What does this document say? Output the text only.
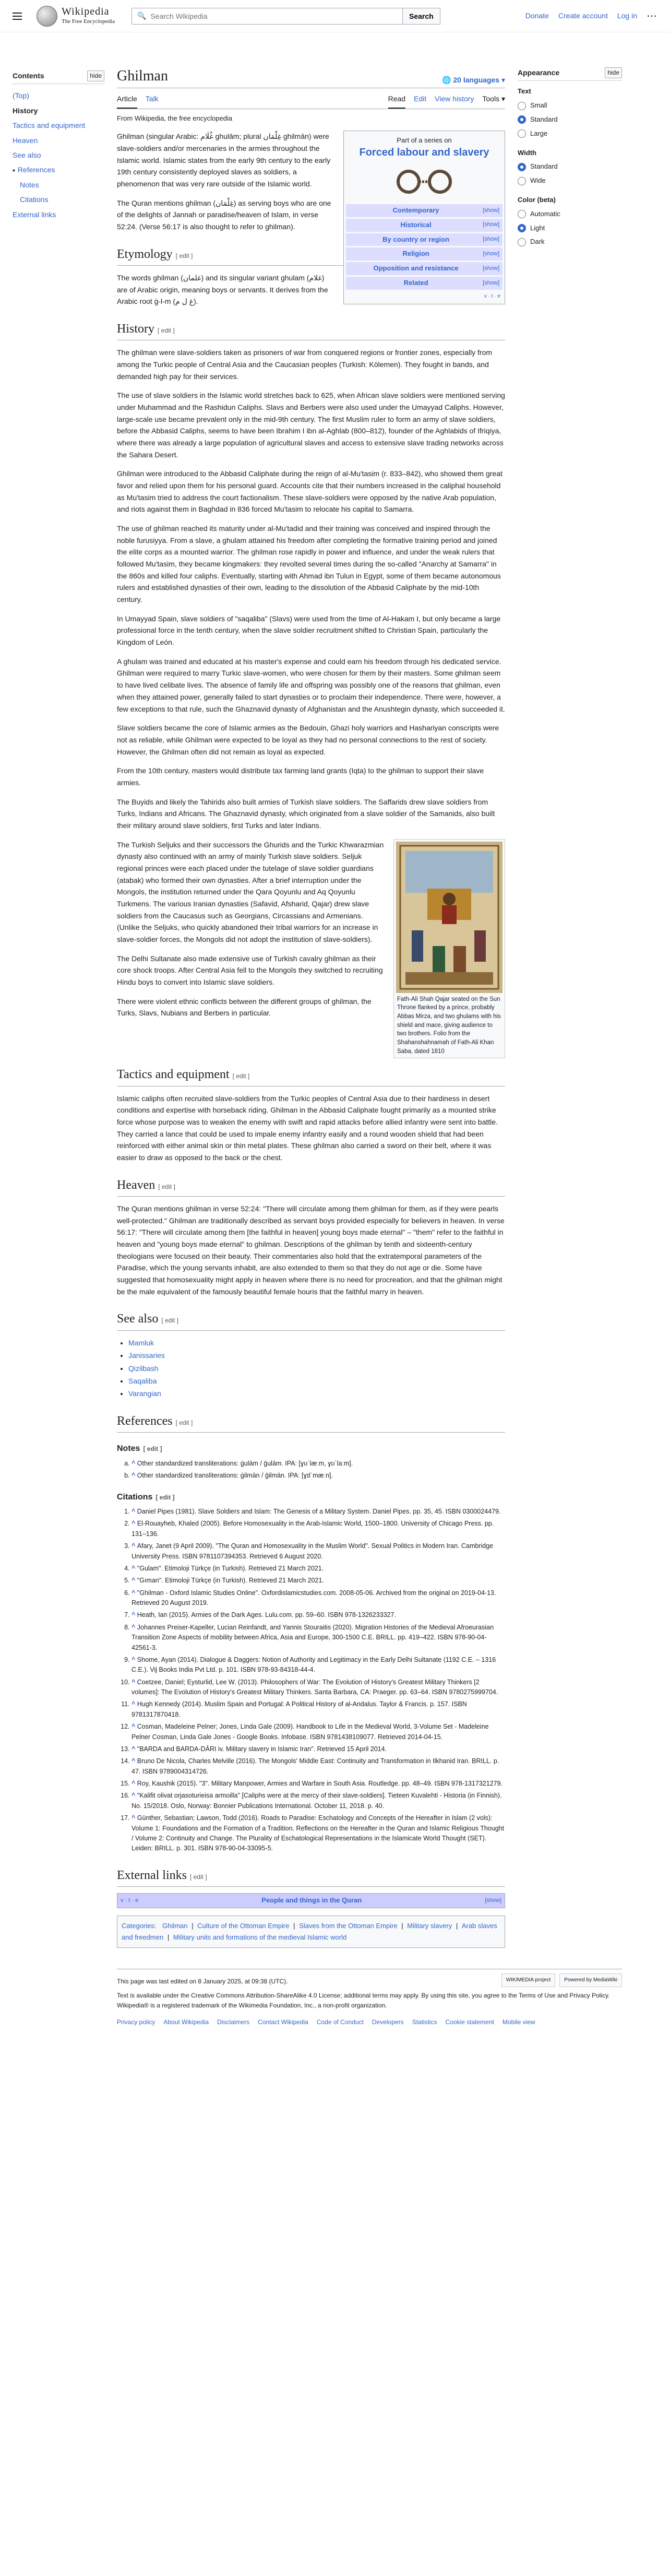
Wikipedia
The Free Encyclopedia
🔍
Search Wikipedia	Search	Donate Create account Log in ⋯
Contents	hide
(Top)
History
Tactics and equipment
Heaven
See also
▾ References
Notes
Citations
External links
Ghilman	🌐 20 languages ▾
Article Talk	Read Edit View history Tools ▾
From Wikipedia, the free encyclopedia
Part of a series on
Forced labour and slavery
Contemporary	[show]
Historical	[show]
By country or region	[show]
Religion	[show]
Opposition and resistance	[show]
Related	[show]
v · t · e

Ghilman (singular Arabic: غُلَام ghulām; plural غِلْمَان ghilmān) were slave-soldiers and/or mercenaries in the armies throughout the Islamic world. Islamic states from the early 9th century to the early 19th century consistently deployed slaves as soldiers, a phenomenon that was very rare outside of the Islamic world.

The Quran mentions ghilman (غِلْمَان) as serving boys who are one of the delights of Jannah or paradise/heaven of Islam, in verse 52:24. (Verse 56:17 is also thought to refer to ghilman).

Etymology [ edit ]

The words ghilman (غلمان) and its singular variant ghulam (غلام) are of Arabic origin, meaning boys or servants. It derives from the Arabic root ġ-l-m (غ ل م).

History [ edit ]

The ghilman were slave-soldiers taken as prisoners of war from conquered regions or frontier zones, especially from among the Turkic people of Central Asia and the Caucasian peoples (Turkish: Kölemen). They fought in bands, and demanded high pay for their services.

The use of slave soldiers in the Islamic world stretches back to 625, when African slave soldiers were mentioned serving under Muhammad and the Rashidun Caliphs. Slavs and Berbers were also used under the Umayyad Caliphs. However, large-scale use became prevalent only in the mid-9th century. The first Muslim ruler to form an army of slave soldiers, before the Abbasid Caliphs, seems to have been Ibrahim I ibn al-Aghlab (800–812), founder of the Aghlabids of Ifriqiya, where there was already a large population of agricultural slaves and access to extensive slave trading networks across the Sahara Desert.

Ghilman were introduced to the Abbasid Caliphate during the reign of al-Mu'tasim (r. 833–842), who showed them great favor and relied upon them for his personal guard. Accounts cite that their numbers increased in the caliphal household as Mu'tasim tried to address the court factionalism. These slave-soldiers were opposed by the native Arab population, and riots against them in Baghdad in 836 forced Mu'tasim to relocate his capital to Samarra.

The use of ghilman reached its maturity under al-Mu'tadid and their training was conceived and inspired through the noble furusiyya. From a slave, a ghulam attained his freedom after completing the formative training period and joined the elite corps as a mounted warrior. The ghilman rose rapidly in power and influence, and under the weak rulers that followed Mu'tasim, they became kingmakers: they revolted several times during the so-called "Anarchy at Samarra" in the 860s and killed four caliphs. Eventually, starting with Ahmad ibn Tulun in Egypt, some of them became autonomous rulers and established dynasties of their own, leading to the dissolution of the Abbasid Caliphate by the mid-10th century.

In Umayyad Spain, slave soldiers of "saqaliba" (Slavs) were used from the time of Al-Hakam I, but only became a large professional force in the tenth century, when the slave soldier recruitment shifted to Christian Spain, particularly the Kingdom of León.

A ghulam was trained and educated at his master's expense and could earn his freedom through his dedicated service. Ghilman were required to marry Turkic slave-women, who were chosen for them by their masters. Some ghilman seem to have lived celibate lives. The absence of family life and offspring was possibly one of the reasons that ghilman, even when they attained power, generally failed to start dynasties or to proclaim their independence. There were, however, a few exceptions to that rule, such the Ghaznavid dynasty of Afghanistan and the Anushtegin dynasty, which succeeded it.

Slave soldiers became the core of Islamic armies as the Bedouin, Ghazi holy warriors and Hashariyan conscripts were not as reliable, while Ghilman were expected to be loyal as they had no personal connections to the rest of society. However, the Ghilman often did not remain as loyal as expected.

From the 10th century, masters would distribute tax farming land grants (Iqta) to the ghilman to support their slave armies.

The Buyids and likely the Tahirids also built armies of Turkish slave soldiers. The Saffarids drew slave soldiers from Turks, Indians and Africans. The Ghaznavid dynasty, which originated from a slave soldier of the Samanids, also built their military around slave soldiers, first Turks and later Indians.

Fath-Ali Shah Qajar seated on the Sun Throne flanked by a prince, probably Abbas Mirza, and two ghulams with his shield and mace, giving audience to two brothers. Folio from the Shahanshahnamah of Fath-Ali Khan Saba, dated 1810

The Turkish Seljuks and their successors the Ghurids and the Turkic Khwarazmian dynasty also continued with an army of mainly Turkish slave soldiers. Seljuk regional princes were each placed under the tutelage of slave soldier guardians (atabak) who formed their own dynasties. After a brief interruption under the Mongols, the institution returned under the Qara Qoyunlu and Aq Qoyunlu Turkmens. The various Iranian dynasties (Safavid, Afsharid, Qajar) drew slave soldiers from the Caucasus such as Georgians, Circassians and Armenians. (Unlike the Seljuks, who quickly abandoned their tribal warriors for an increase in slave-soldier forces, the Mongols did not adopt the institution of slave-soldiers).

The Delhi Sultanate also made extensive use of Turkish cavalry ghilman as their core shock troops. After Central Asia fell to the Mongols they switched to recruiting Hindu boys to convert into Islamic slave soldiers.

There were violent ethnic conflicts between the different groups of ghilman, the Turks, Slavs, Nubians and Berbers in particular.

Tactics and equipment [ edit ]

Islamic caliphs often recruited slave-soldiers from the Turkic peoples of Central Asia due to their hardiness in desert conditions and expertise with horseback riding. Ghilman in the Abbasid Caliphate fought primarily as a mounted strike force whose purpose was to weaken the enemy with swift and rapid attacks before allied infantry were sent into battle. They carried a lance that could be used to impale enemy infantry easily and a round wooden shield that had been reinforced with either animal skin or thin metal plates. These ghilman also carried a sword on their belt, where it was easier to draw as opposed to the back or the chest.

Heaven [ edit ]

The Quran mentions ghilman in verse 52:24: "There will circulate among them ghilman for them, as if they were pearls well-protected." Ghilman are traditionally described as servant boys provided especially for believers in heaven. In verse 56:17: "There will circulate among them [the faithful in heaven] young boys made eternal" – "them" refer to the faithful in heaven and "young boys made eternal" to ghilman. Descriptions of the ghilman by tenth and sixteenth-century theologians were focused on their beauty. Their commentaries also hold that the extratemporal parameters of the Paradise, which the young servants inhabit, are also extended to them so that they do not age or die. Some have suggested that homosexuality might apply in heaven where there is no need for procreation, and that the ghilman might be the male equivalent of the famously beautiful female houris that the faithful marry in heaven.

See also [ edit ]
• Mamluk
• Janissaries
• Qizilbash
• Saqaliba
• Varangian
References [ edit ]
Notes [ edit ]
a. ^ Other standardized transliterations: ġulām / ḡulām. IPA: [ɣʊˈlæːm, ɣʊˈlaːm].
b. ^ Other standardized transliterations: ġilmān / ḡilmān. IPA: [ɣɪlˈmæːn].
Citations [ edit ]
1. ^ Daniel Pipes (1981). Slave Soldiers and Islam: The Genesis of a Military System. Daniel Pipes. pp. 35, 45. ISBN 0300024479.
2. ^ El-Rouayheb, Khaled (2005). Before Homosexuality in the Arab-Islamic World, 1500–1800. University of Chicago Press. pp. 131–136.
3. ^ Afary, Janet (9 April 2009). "The Quran and Homosexuality in the Muslim World". Sexual Politics in Modern Iran. Cambridge University Press. ISBN 9781107394353. Retrieved 6 August 2020.
4. ^ "Gulam". Etimoloji Türkçe (in Turkish). Retrieved 21 March 2021.
5. ^ "Gıman". Etimoloji Türkçe (in Turkish). Retrieved 21 March 2021.
6. ^ "Ghilman - Oxford Islamic Studies Online". Oxfordislamicstudies.com. 2008-05-06. Archived from the original on 2019-04-13. Retrieved 20 August 2019.
7. ^ Heath, Ian (2015). Armies of the Dark Ages. Lulu.com. pp. 59–60. ISBN 978-1326233327.
8. ^ Johannes Preiser-Kapeller, Lucian Reinfandt, and Yannis Stouraitis (2020). Migration Histories of the Medieval Afroeurasian Transition Zone Aspects of mobility between Africa, Asia and Europe, 300-1500 C.E. BRILL. pp. 419–422. ISBN 978-90-04-42561-3.
9. ^ Shome, Ayan (2014). Dialogue & Daggers: Notion of Authority and Legitimacy in the Early Delhi Sultanate (1192 C.E. – 1316 C.E.). Vij Books India Pvt Ltd. p. 101. ISBN 978-93-84318-44-4.
10. ^ Coetzee, Daniel; Eysturlid, Lee W. (2013). Philosophers of War: The Evolution of History's Greatest Military Thinkers [2 volumes]: The Evolution of History's Greatest Military Thinkers. Santa Barbara, CA: Praeger. pp. 63–64. ISBN 9780275999704.
11. ^ Hugh Kennedy (2014). Muslim Spain and Portugal: A Political History of al-Andalus. Taylor & Francis. p. 157. ISBN 9781317870418.
12. ^ Cosman, Madeleine Pelner; Jones, Linda Gale (2009). Handbook to Life in the Medieval World, 3-Volume Set - Madeleine Pelner Cosman, Linda Gale Jones - Google Books. Infobase. ISBN 9781438109077. Retrieved 2014-04-15.
13. ^ "BARDA and BARDA-DĀRI iv. Military slavery in Islamic Iran". Retrieved 15 April 2014.
14. ^ Bruno De Nicola, Charles Melville (2016). The Mongols' Middle East: Continuity and Transformation in Ilkhanid Iran. BRILL. p. 47. ISBN 9789004314726.
15. ^ Roy, Kaushik (2015). "3". Military Manpower, Armies and Warfare in South Asia. Routledge. pp. 48–49. ISBN 978-1317321279.
16. ^ "Kalifit olivat orjasoturieisa armoilla" [Caliphs were at the mercy of their slave-soldiers]. Tieteen Kuvalehti - Historia (in Finnish). No. 15/2018. Oslo, Norway: Bonnier Publications International. October 11, 2018. p. 40.
17. ^ Günther, Sebastian; Lawson, Todd (2016). Roads to Paradise: Eschatology and Concepts of the Hereafter in Islam (2 vols): Volume 1: Foundations and the Formation of a Tradition. Reflections on the Hereafter in the Quran and Islamic Religious Thought / Volume 2: Continuity and Change. The Plurality of Eschatological Representations in the Islamicate World Thought (SET). Leiden: BRILL. p. 301. ISBN 978-90-04-33095-5.
External links [ edit ]
v · t · e	People and things in the Quran	[show]
Categories: Ghilman | Culture of the Ottoman Empire | Slaves from the Ottoman Empire | Military slavery | Arab slaves and freedmen | Military units and formations of the medieval Islamic world
Appearance	hide
Text
Small
Standard
Large
Width
Standard
Wide
Color (beta)
Automatic
Light
Dark
WIKIMEDIA project	Powered by MediaWiki

This page was last edited on 8 January 2025, at 09:38 (UTC).

Text is available under the Creative Commons Attribution-ShareAlike 4.0 License; additional terms may apply. By using this site, you agree to the Terms of Use and Privacy Policy. Wikipedia® is a registered trademark of the Wikimedia Foundation, Inc., a non-profit organization.

Privacy policy About Wikipedia Disclaimers Contact Wikipedia Code of Conduct Developers Statistics Cookie statement Mobile view
